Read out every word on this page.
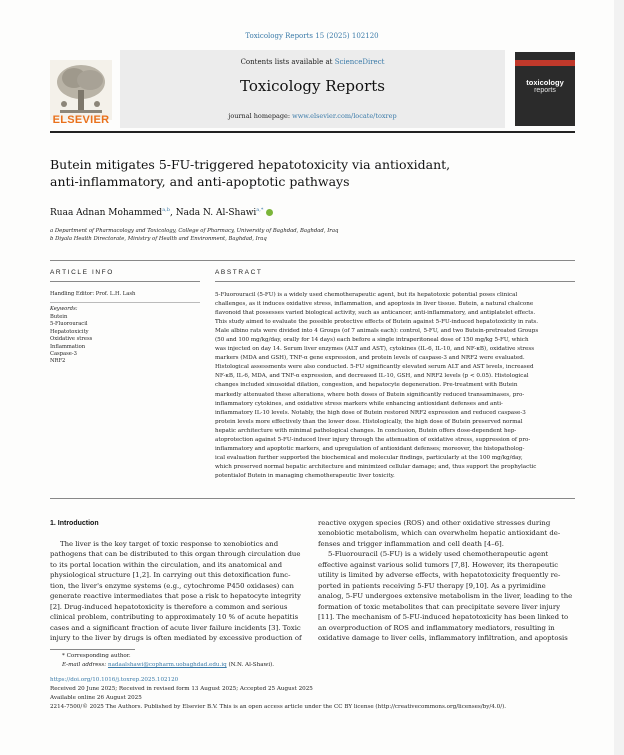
Toxicology Reports 15 (2025) 102120
ELSEVIER
Contents lists available at ScienceDirect
Toxicology Reports
journal homepage: www.elsevier.com/locate/toxrep
toxicology
reports
Butein mitigates 5-FU-triggered hepatotoxicity via antioxidant,
anti-inflammatory, and anti-apoptotic pathways
Ruaa Adnan Mohammed$^{a,b}$, Nada N. Al-Shawi$^{a,*}$
a Department of Pharmacology and Toxicology, College of Pharmacy, University of Baghdad, Baghdad, Iraq
b Diyala Health Directorate, Ministry of Health and Environment, Baghdad, Iraq
ARTICLE INFO	ABSTRACT
Handling Editor: Prof. L.H. Lash
Keywords:
Butein
5-Fluorouracil
Hepatotoxicity
Oxidative stress
Inflammation
Caspase-3
NRF2
5-Fluorouracil (5-FU) is a widely used chemotherapeutic agent, but its hepatotoxic potential poses clinical
challenges, as it induces oxidative stress, inflammation, and apoptosis in liver tissue. Butein, a natural chalcone
flavonoid that possesses varied biological activity, such as anticancer, anti-inflammatory, and antiplatelet effects.
This study aimed to evaluate the possible protective effects of Butein against 5-FU-induced hepatotoxicity in rats.
Male albino rats were divided into 4 Groups (of 7 animals each): control, 5-FU, and two Butein-pretreated Groups
(50 and 100 mg/kg/day, orally for 14 days) each before a single intraperitoneal dose of 150 mg/kg 5-FU, which
was injected on day 14. Serum liver enzymes (ALT and AST), cytokines (IL-6, IL-10, and NF-κB), oxidative stress
markers (MDA and GSH), TNF-α gene expression, and protein levels of caspase-3 and NRF2 were evaluated.
Histological assessments were also conducted. 5-FU significantly elevated serum ALT and AST levels, increased
NF-κB, IL-6, MDA, and TNF-α expression, and decreased IL-10, GSH, and NRF2 levels (p < 0.05). Histological
changes included sinusoidal dilation, congestion, and hepatocyte degeneration. Pre-treatment with Butein
markedly attenuated these alterations, where both doses of Butein significantly reduced transaminases, pro-
inflammatory cytokines, and oxidative stress markers while enhancing antioxidant defenses and anti-
inflammatory IL-10 levels. Notably, the high dose of Butein restored NRF2 expression and reduced caspase-3
protein levels more effectively than the lower dose. Histologically, the high dose of Butein preserved normal
hepatic architecture with minimal pathological changes. In conclusion, Butein offers dose-dependent hep-
atoprotection against 5-FU-induced liver injury through the attenuation of oxidative stress, suppression of pro-
inflammatory and apoptotic markers, and upregulation of antioxidant defenses; moreover, the histopatholog-
ical evaluation further supported the biochemical and molecular findings, particularly at the 100 mg/kg/day,
which preserved normal hepatic architecture and minimized cellular damage; and, thus support the prophylactic
potentialof Butein in managing chemotherapeutic liver toxicity.
1. Introduction
The liver is the key target of toxic response to xenobiotics and
pathogens that can be distributed to this organ through circulation due
to its portal location within the circulation, and its anatomical and
physiological structure [1,2]. In carrying out this detoxification func-
tion, the liver's enzyme systems (e.g., cytochrome P450 oxidases) can
generate reactive intermediates that pose a risk to hepatocyte integrity
[2]. Drug-induced hepatotoxicity is therefore a common and serious
clinical problem, contributing to approximately 10 % of acute hepatitis
cases and a significant fraction of acute liver failure incidents [3]. Toxic
injury to the liver by drugs is often mediated by excessive production of
reactive oxygen species (ROS) and other oxidative stresses during
xenobiotic metabolism, which can overwhelm hepatic antioxidant de-
fenses and trigger inflammation and cell death [4–6].
5-Fluorouracil (5-FU) is a widely used chemotherapeutic agent
effective against various solid tumors [7,8]. However, its therapeutic
utility is limited by adverse effects, with hepatotoxicity frequently re-
ported in patients receiving 5-FU therapy [9,10]. As a pyrimidine
analog, 5-FU undergoes extensive metabolism in the liver, leading to the
formation of toxic metabolites that can precipitate severe liver injury
[11]. The mechanism of 5-FU-induced hepatotoxicity has been linked to
an overproduction of ROS and inflammatory mediators, resulting in
oxidative damage to liver cells, inflammatory infiltration, and apoptosis
* Corresponding author.
E-mail address: nadaalshawi@copharm.uobaghdad.edu.iq (N.N. Al-Shawi).
https://doi.org/10.1016/j.toxrep.2025.102120
Received 20 June 2025; Received in revised form 13 August 2025; Accepted 25 August 2025
Available online 26 August 2025
2214-7500/© 2025 The Authors. Published by Elsevier B.V. This is an open access article under the CC BY license (http://creativecommons.org/licenses/by/4.0/).
